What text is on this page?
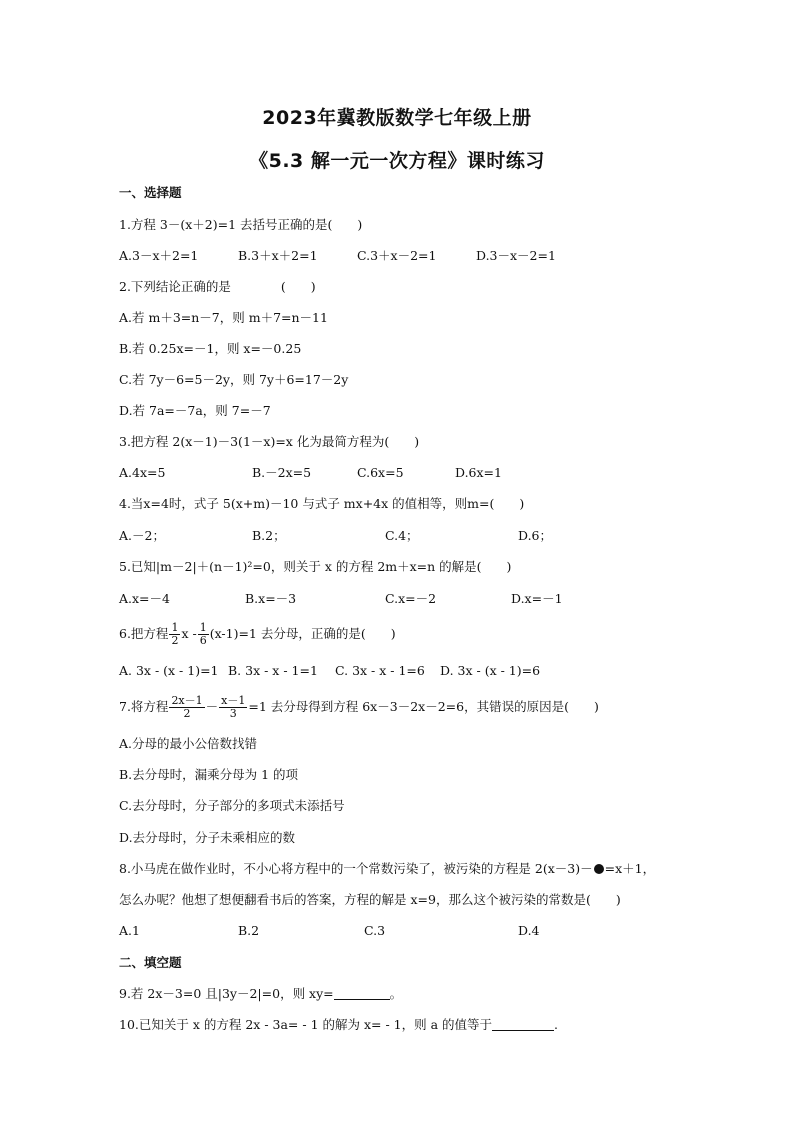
2023年冀教版数学七年级上册
《5.3 解一元一次方程》课时练习
一、选择题
1.方程 3－(x＋2)=1 去括号正确的是(　　)
A.3－x＋2=1	B.3＋x＋2=1	C.3＋x－2=1	D.3－x－2=1
2.下列结论正确的是　　　　(　　)
A.若 m＋3=n－7，则 m＋7=n－11
B.若 0.25x=－1，则 x=－0.25
C.若 7y－6=5－2y，则 7y＋6=17－2y
D.若 7a=－7a，则 7=－7
3.把方程 2(x－1)－3(1－x)=x 化为最简方程为(　　)
A.4x=5	B.－2x=5	C.6x=5	D.6x=1
4.当x=4时，式子 5(x+m)－10 与式子 mx+4x 的值相等，则m=(　　)
A.－2；	B.2；	C.4；	D.6；
5.已知|m－2|＋(n－1)²=0，则关于 x 的方程 2m＋x=n 的解是(　　)
A.x=－4	B.x=－3	C.x=－2	D.x=－1
6.把方程 $\frac{1}{2}$ $x - \frac{1}{6} (x-1)=1$ 去分母，正确的是(　　)
A. 3x - (x - 1)=1 B. 3x - x - 1=1 C. 3x - x - 1=6 D. 3x - (x - 1)=6
7.将方程 $\frac{2x-1}{2} - \frac{x-1}{3} =1$ 去分母得到方程 6x－3－2x－2=6，其错误的原因是(　　)
A.分母的最小公倍数找错
B.去分母时，漏乘分母为 1 的项
C.去分母时，分子部分的多项式未添括号
D.去分母时，分子未乘相应的数
8.小马虎在做作业时，不小心将方程中的一个常数污染了，被污染的方程是 2(x－3)－ =x＋1，
怎么办呢？他想了想便翻看书后的答案，方程的解是 x=9，那么这个被污染的常数是(　　)
A.1	B.2	C.3	D.4
二、填空题
9.若 2x－3=0 且|3y－2|=0，则 xy=	。
10.已知关于 x 的方程 2x - 3a= - 1 的解为 x= - 1，则 a 的值等于	.
